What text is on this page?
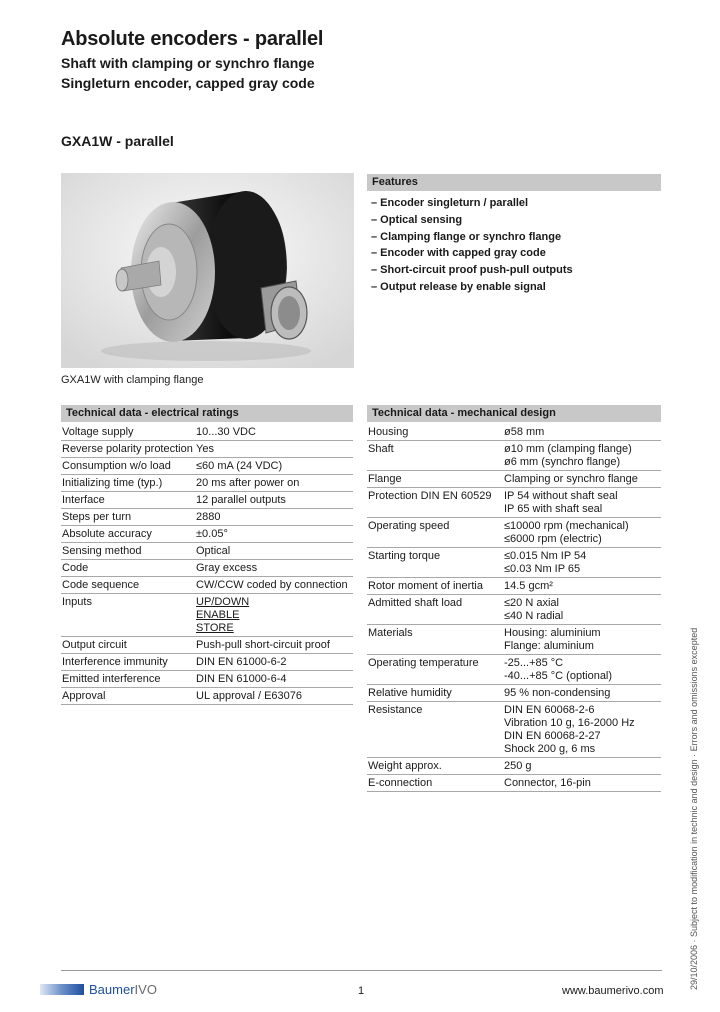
Absolute encoders - parallel
Shaft with clamping or synchro flange
Singleturn encoder, capped gray code
GXA1W - parallel
GXA1W with clamping flange
Features
– Encoder singleturn / parallel
– Optical sensing
– Clamping flange or synchro flange
– Encoder with capped gray code
– Short-circuit proof push-pull outputs
– Output release by enable signal
Technical data - electrical ratings
Voltage supply	10...30 VDC
Reverse polarity protection Yes
Consumption w/o load	≤60 mA (24 VDC)
Initializing time (typ.)	20 ms after power on
Interface	12 parallel outputs
Steps per turn	2880
Absolute accuracy	±0.05°
Sensing method	Optical
Code	Gray excess
Code sequence	CW/CCW coded by connection
Inputs	UP/DOWN
ENABLE
STORE
Output circuit	Push-pull short-circuit proof
Interference immunity	DIN EN 61000-6-2
Emitted interference	DIN EN 61000-6-4
Approval	UL approval / E63076
Technical data - mechanical design
Housing	ø58 mm
Shaft	ø10 mm (clamping flange)
ø6 mm (synchro flange)
Flange	Clamping or synchro flange
Protection DIN EN 60529	IP 54 without shaft seal
IP 65 with shaft seal
Operating speed	≤10000 rpm (mechanical)
≤6000 rpm (electric)
Starting torque	≤0.015 Nm IP 54
≤0.03 Nm IP 65
Rotor moment of inertia	14.5 gcm²
Admitted shaft load	≤20 N axial
≤40 N radial
Materials	Housing: aluminium
Flange: aluminium
Operating temperature	-25...+85 °C
-40...+85 °C (optional)
Relative humidity	95 % non-condensing
Resistance	DIN EN 60068-2-6
Vibration 10 g, 16-2000 Hz
DIN EN 60068-2-27
Shock 200 g, 6 ms
Weight approx.	250 g
E-connection	Connector, 16-pin	29/10/2006 · Subject to modification in technic and design · Errors and omissions excepted
BaumerIVO	1	www.baumerivo.com
